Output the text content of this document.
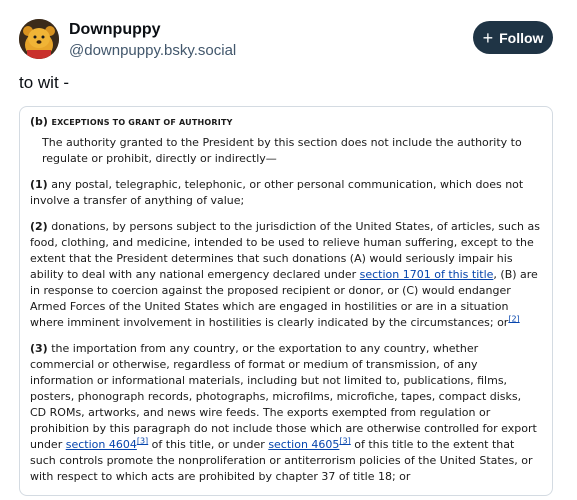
Downpuppy
@downpuppy.bsky.social
+ Follow
to wit -
(b) EXCEPTIONS TO GRANT OF AUTHORITY

The authority granted to the President by this section does not include the authority to regulate or prohibit, directly or indirectly—

(1) any postal, telegraphic, telephonic, or other personal communication, which does not involve a transfer of anything of value;

(2) donations, by persons subject to the jurisdiction of the United States, of articles, such as food, clothing, and medicine, intended to be used to relieve human suffering, except to the extent that the President determines that such donations (A) would seriously impair his ability to deal with any national emergency declared under section 1701 of this title, (B) are in response to coercion against the proposed recipient or donor, or (C) would endanger Armed Forces of the United States which are engaged in hostilities or are in a situation where imminent involvement in hostilities is clearly indicated by the circumstances; or[2]

(3) the importation from any country, or the exportation to any country, whether commercial or otherwise, regardless of format or medium of transmission, of any information or informational materials, including but not limited to, publications, films, posters, phonograph records, photographs, microfilms, microfiche, tapes, compact disks, CD ROMs, artworks, and news wire feeds. The exports exempted from regulation or prohibition by this paragraph do not include those which are otherwise controlled for export under section 4604[3] of this title, or under section 4605[3] of this title to the extent that such controls promote the nonproliferation or antiterrorism policies of the United States, or with respect to which acts are prohibited by chapter 37 of title 18; or
